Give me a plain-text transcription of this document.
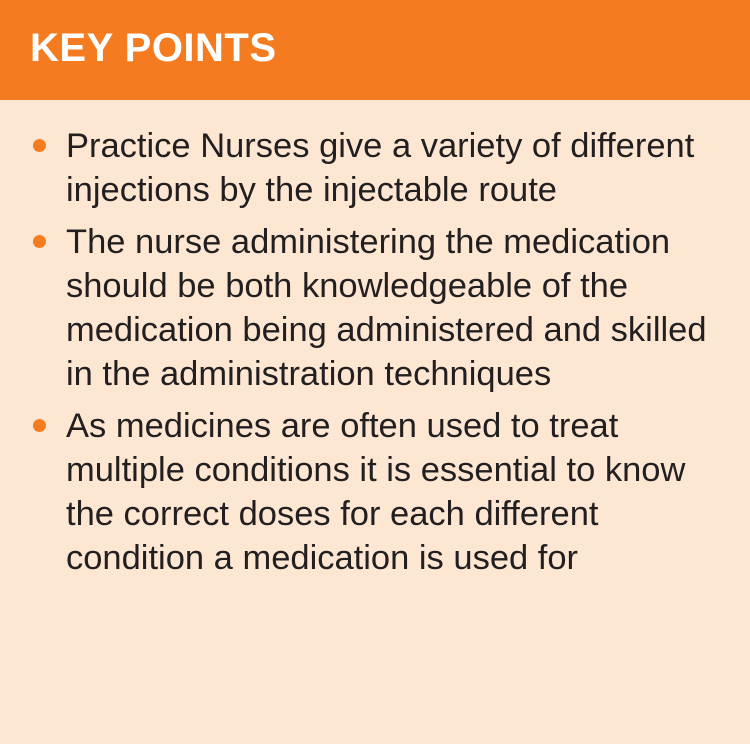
KEY POINTS
Practice Nurses give a variety of different injections by the injectable route
The nurse administering the medication should be both knowledgeable of the medication being administered and skilled in the administration techniques
As medicines are often used to treat multiple conditions it is essential to know the correct doses for each different condition a medication is used for
